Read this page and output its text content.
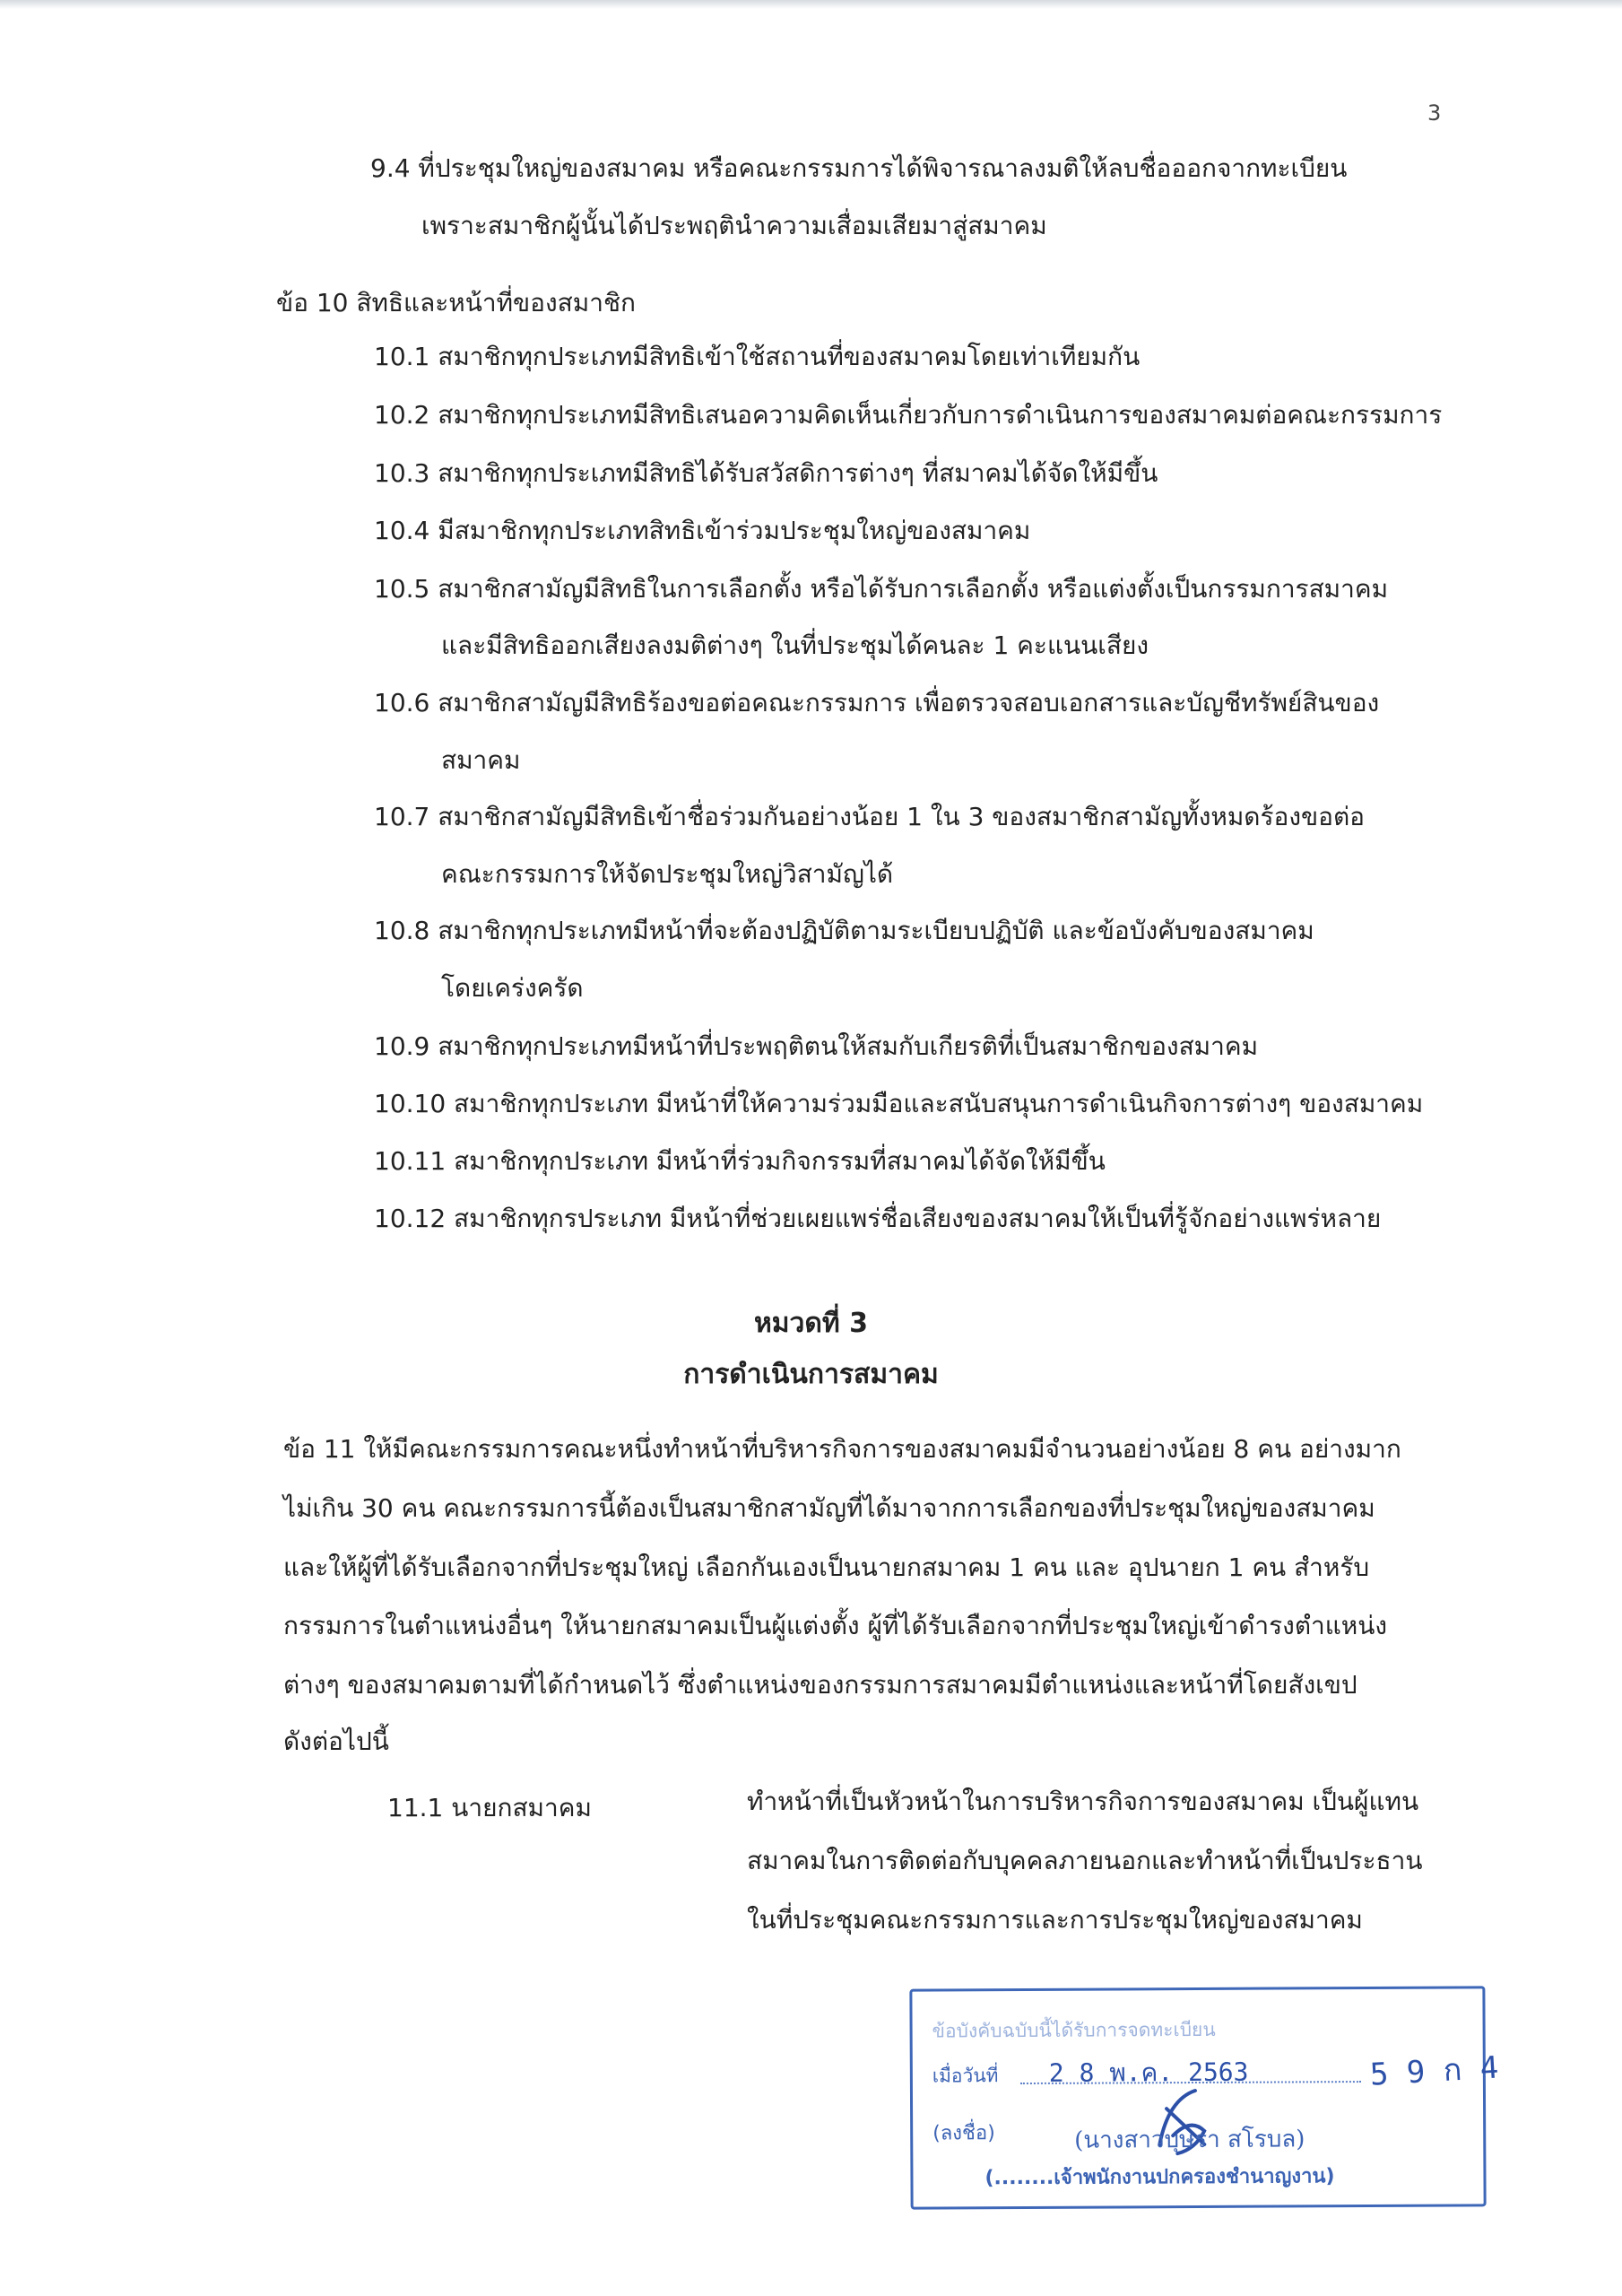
3
9.4 ที่ประชุมใหญ่ของสมาคม หรือคณะกรรมการได้พิจารณาลงมติให้ลบชื่อออกจากทะเบียน
เพราะสมาชิกผู้นั้นได้ประพฤตินำความเสื่อมเสียมาสู่สมาคม
ข้อ 10 สิทธิและหน้าที่ของสมาชิก
10.1 สมาชิกทุกประเภทมีสิทธิเข้าใช้สถานที่ของสมาคมโดยเท่าเทียมกัน
10.2 สมาชิกทุกประเภทมีสิทธิเสนอความคิดเห็นเกี่ยวกับการดำเนินการของสมาคมต่อคณะกรรมการ
10.3 สมาชิกทุกประเภทมีสิทธิได้รับสวัสดิการต่างๆ ที่สมาคมได้จัดให้มีขึ้น
10.4 มีสมาชิกทุกประเภทสิทธิเข้าร่วมประชุมใหญ่ของสมาคม
10.5 สมาชิกสามัญมีสิทธิในการเลือกตั้ง หรือได้รับการเลือกตั้ง หรือแต่งตั้งเป็นกรรมการสมาคม
และมีสิทธิออกเสียงลงมติต่างๆ ในที่ประชุมได้คนละ 1 คะแนนเสียง
10.6 สมาชิกสามัญมีสิทธิร้องขอต่อคณะกรรมการ เพื่อตรวจสอบเอกสารและบัญชีทรัพย์สินของ
สมาคม
10.7 สมาชิกสามัญมีสิทธิเข้าชื่อร่วมกันอย่างน้อย 1 ใน 3 ของสมาชิกสามัญทั้งหมดร้องขอต่อ
คณะกรรมการให้จัดประชุมใหญ่วิสามัญได้
10.8 สมาชิกทุกประเภทมีหน้าที่จะต้องปฏิบัติตามระเบียบปฏิบัติ และข้อบังคับของสมาคม
โดยเคร่งครัด
10.9 สมาชิกทุกประเภทมีหน้าที่ประพฤติตนให้สมกับเกียรติที่เป็นสมาชิกของสมาคม
10.10 สมาชิกทุกประเภท มีหน้าที่ให้ความร่วมมือและสนับสนุนการดำเนินกิจการต่างๆ ของสมาคม
10.11 สมาชิกทุกประเภท มีหน้าที่ร่วมกิจกรรมที่สมาคมได้จัดให้มีขึ้น
10.12 สมาชิกทุกรประเภท มีหน้าที่ช่วยเผยแพร่ชื่อเสียงของสมาคมให้เป็นที่รู้จักอย่างแพร่หลาย
หมวดที่ 3
การดำเนินการสมาคม
ข้อ 11 ให้มีคณะกรรมการคณะหนึ่งทำหน้าที่บริหารกิจการของสมาคมมีจำนวนอย่างน้อย 8 คน อย่างมาก
ไม่เกิน 30 คน คณะกรรมการนี้ต้องเป็นสมาชิกสามัญที่ได้มาจากการเลือกของที่ประชุมใหญ่ของสมาคม
และให้ผู้ที่ได้รับเลือกจากที่ประชุมใหญ่ เลือกกันเองเป็นนายกสมาคม 1 คน และ อุปนายก 1 คน สำหรับ
กรรมการในตำแหน่งอื่นๆ ให้นายกสมาคมเป็นผู้แต่งตั้ง ผู้ที่ได้รับเลือกจากที่ประชุมใหญ่เข้าดำรงตำแหน่ง
ต่างๆ ของสมาคมตามที่ได้กำหนดไว้ ซึ่งตำแหน่งของกรรมการสมาคมมีตำแหน่งและหน้าที่โดยสังเขป
ดังต่อไปนี้
11.1 นายกสมาคม	ทำหน้าที่เป็นหัวหน้าในการบริหารกิจการของสมาคม เป็นผู้แทน
สมาคมในการติดต่อกับบุคคลภายนอกและทำหน้าที่เป็นประธาน
ในที่ประชุมคณะกรรมการและการประชุมใหญ่ของสมาคม
ข้อบังคับฉบับนี้ได้รับการจดทะเบียน
เมื่อวันที่ 2 8 พ.ค. 2563	5 9 ก 4
(ลงชื่อ)	(นางสาวบุษรา สโรบล)
(........เจ้าพนักงานปกครองชำนาญงาน)
